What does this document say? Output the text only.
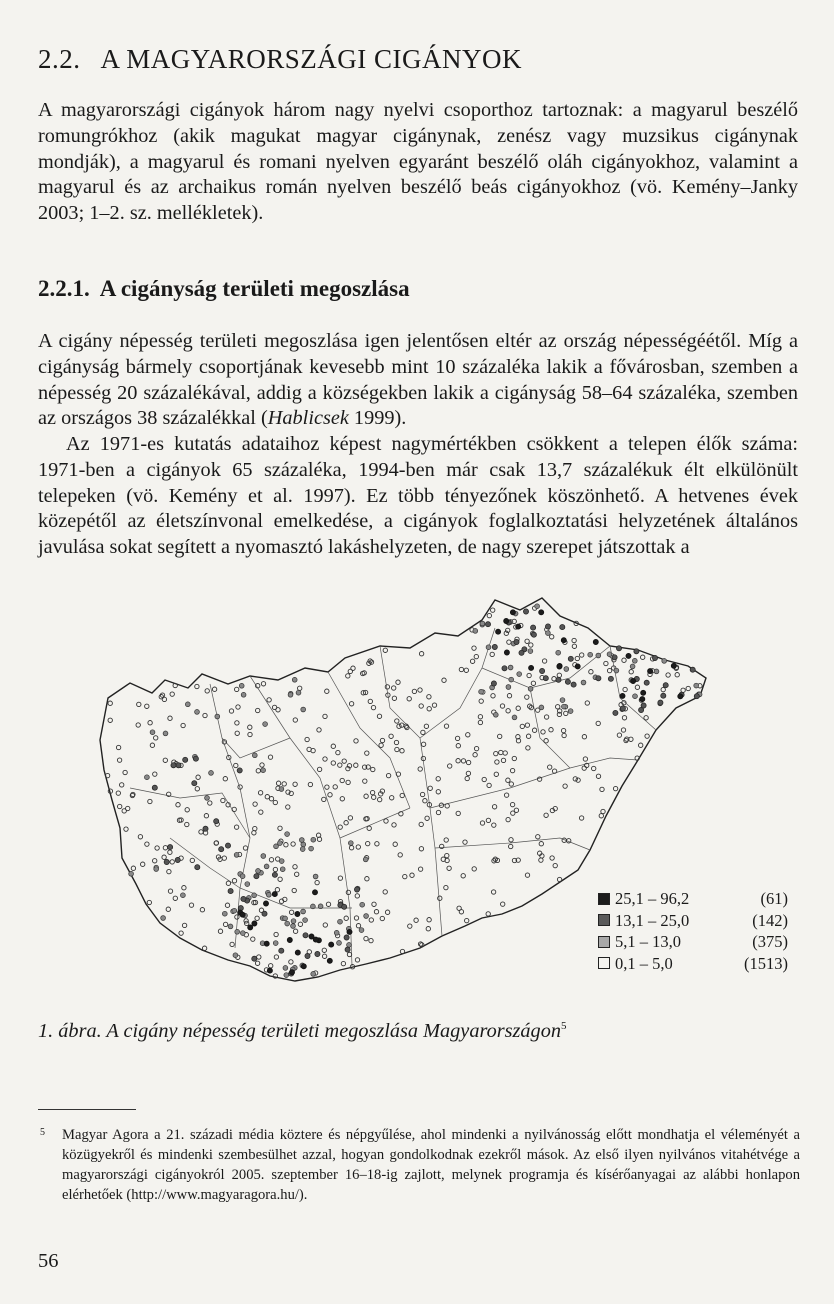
2.2. A MAGYARORSZÁGI CIGÁNYOK

A magyarországi cigányok három nagy nyelvi csoporthoz tartoznak: a magyarul beszélő romungrókhoz (akik magukat magyar cigánynak, zenész vagy muzsikus cigánynak mondják), a magyarul és romani nyelven egyaránt beszélő oláh cigányokhoz, valamint a magyarul és az archaikus román nyelven beszélő beás cigányokhoz (vö. Kemény–Janky 2003; 1–2. sz. mellékletek).

2.2.1. A cigányság területi megoszlása

A cigány népesség területi megoszlása igen jelentősen eltér az ország népességéétől. Míg a cigányság bármely csoportjának kevesebb mint 10 százaléka lakik a fővárosban, szemben a népesség 20 százalékával, addig a községekben lakik a cigányság 58–64 százaléka, szemben az országos 38 százalékkal (Hablicsek 1999).

Az 1971-es kutatás adataihoz képest nagymértékben csökkent a telepen élők száma: 1971-ben a cigányok 65 százaléka, 1994-ben már csak 13,7 százalékuk élt elkülönült telepeken (vö. Kemény et al. 1997). Ez több tényezőnek köszönhető. A hetvenes évek közepétől az életszínvonal emelkedése, a cigányok foglalkoztatási helyzetének általános javulása sokat segített a nyomasztó lakáshelyzeten, de nagy szerepet játszottak a

25,1 – 96,2	(61)
13,1 – 25,0	(142)
5,1 – 13,0	(375)
0,1 – 5,0	(1513)

1. ábra. A cigány népesség területi megoszlása Magyarországon$^5$

5 Magyar Agora a 21. századi média köztere és népgyűlése, ahol mindenki a nyilvánosság előtt mondhatja el véleményét a közügyekről és mindenki szembesülhet azzal, hogyan gondolkodnak ezekről mások. Az első ilyen nyilvános vitahétvége a magyarországi cigányokról 2005. szeptember 16–18-ig zajlott, melynek programja és kísérőanyagai az alábbi honlapon elérhetőek (http://www.magyaragora.hu/).

56
